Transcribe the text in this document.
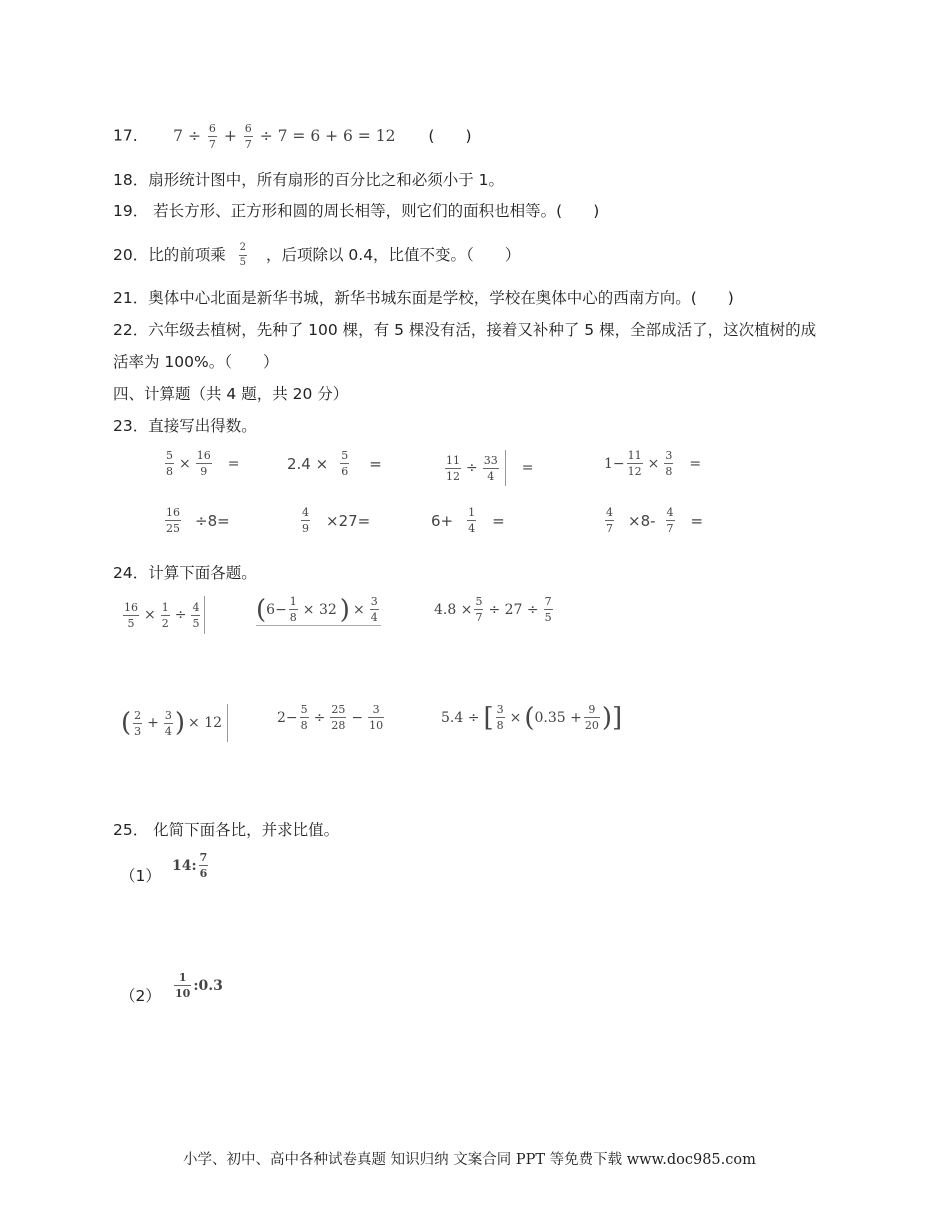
17． $7 \div \frac{6}{7} + \frac{6}{7} \div 7 = 6 + 6 = 12$ (　　)
18．扇形统计图中，所有扇形的百分比之和必须小于 1。
19． 若长方形、正方形和圆的周长相等，则它们的面积也相等。(　　)
20．比的前项乘 $\frac{2}{5}$ ，后项除以 0.4，比值不变。（　　）
21．奥体中心北面是新华书城，新华书城东面是学校，学校在奥体中心的西南方向。(　　)
22．六年级去植树，先种了 100 棵，有 5 棵没有活，接着又补种了 5 棵，全部成活了，这次植树的成
活率为 100%。（　　）
四、计算题（共 4 题，共 20 分）
23．直接写出得数。
$\frac{5}{8} \times \frac{16}{9}$ =	$2.4 \times \frac{5}{6}$ =	$\frac{11}{12} \div \frac{33}{4}$ =	$1- \frac{11}{12} \times \frac{3}{8}$ =
$\frac{16}{25} \div 8=$	$\frac{4}{9} \times 27=$	$6+ \frac{1}{4}$ =	$\frac{4}{7} \times 8- \frac{4}{7}$ =
24．计算下面各题。
$\frac{16}{5} \times \frac{1}{2} \div \frac{4}{5}$ ( $6- \frac{1}{8} \times 32$ ) × $\frac{3}{4}$	$4.8 \times \frac{5}{7} \div 27 \div \frac{7}{5}$
( $\frac{2}{3} + \frac{3}{4}$ ) × 12	$2- \frac{5}{8} \div \frac{25}{28} - \frac{3}{10}$	5.4 ÷ [ $\frac{3}{8}$ × ( $0.35 + \frac{9}{20}$ ) ]
25． 化简下面各比，并求比值。
（1）
14: $\frac{7}{6}$
$(2) \frac{1}{10}$ :0.3
小学、初中、高中各种试卷真题 知识归纳 文案合同 PPT 等免费下载 www.doc985.com
